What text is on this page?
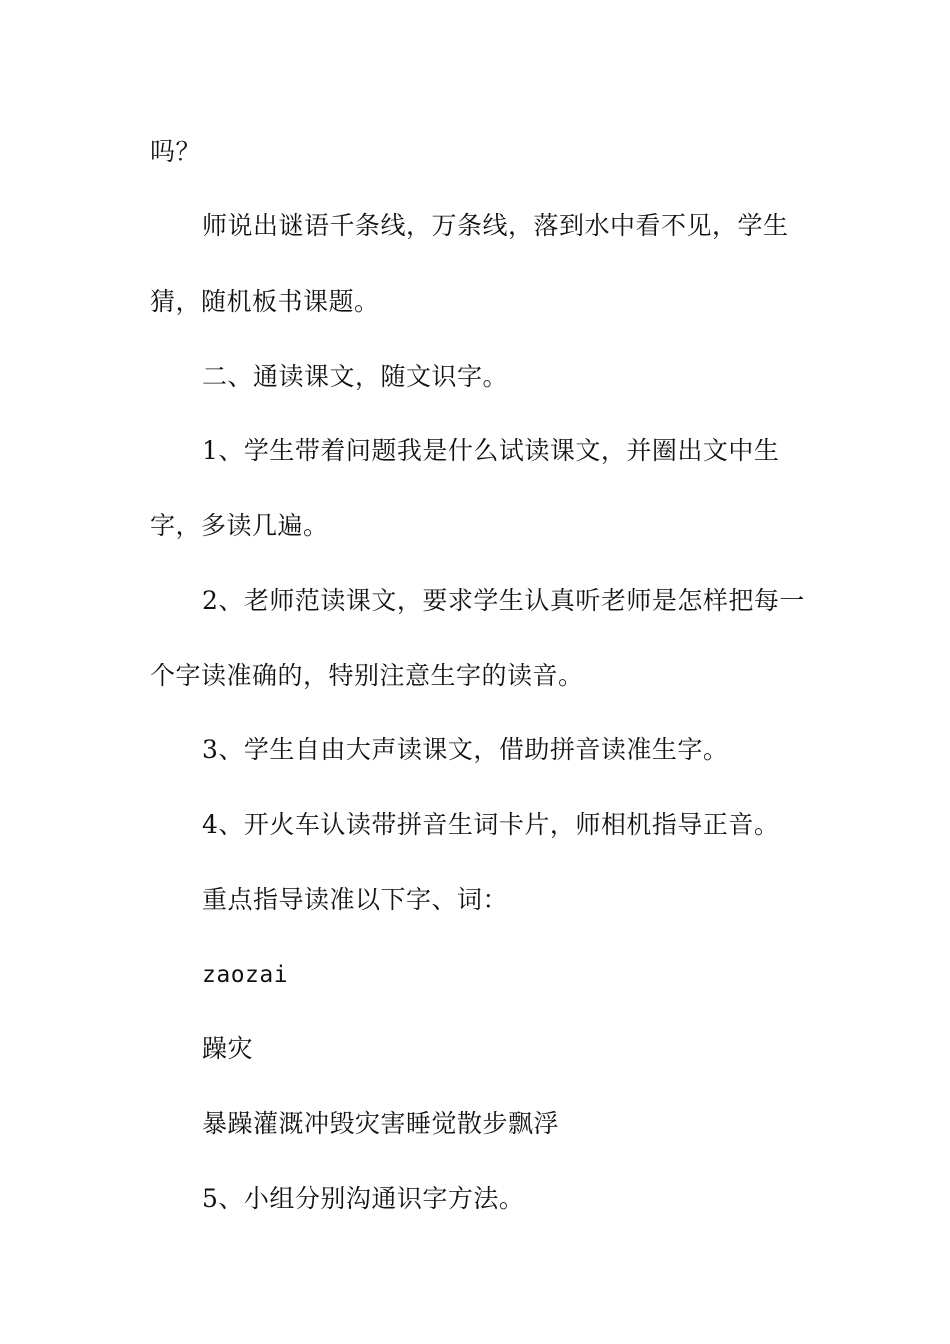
吗？
师说出谜语千条线，万条线，落到水中看不见，学生
猜，随机板书课题。
二、通读课文，随文识字。
1、学生带着问题我是什么试读课文，并圈出文中生
字，多读几遍。
2、老师范读课文，要求学生认真听老师是怎样把每一
个字读准确的，特别注意生字的读音。
3、学生自由大声读课文，借助拼音读准生字。
4、开火车认读带拼音生词卡片，师相机指导正音。
重点指导读准以下字、词：
zaozai
躁灾
暴躁灌溉冲毁灾害睡觉散步飘浮
5、小组分别沟通识字方法。
